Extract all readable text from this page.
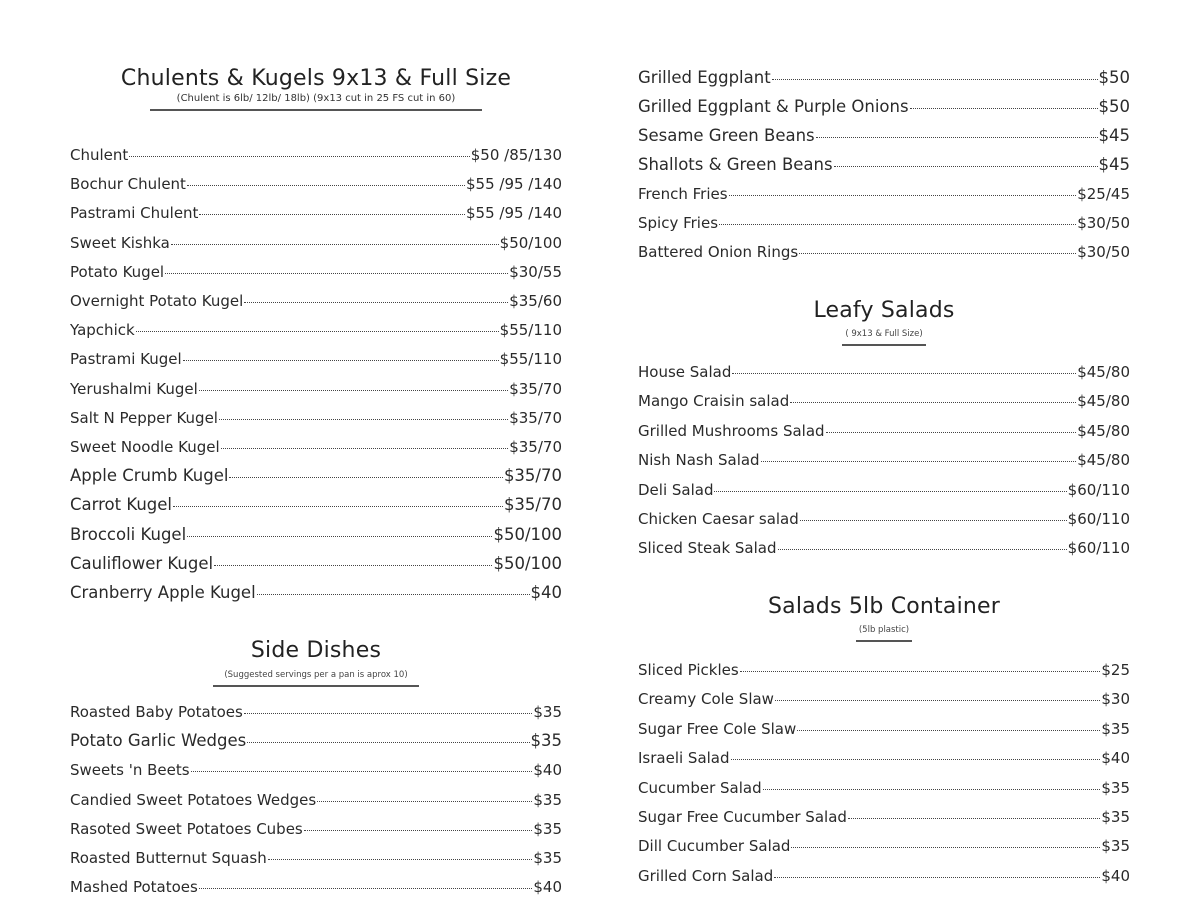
Chulents & Kugels 9x13 & Full Size
(Chulent is 6lb/ 12lb/ 18lb) (9x13 cut in 25 FS cut in 60)
Chulent	$50 /85/130
Bochur Chulent	$55 /95 /140
Pastrami Chulent	$55 /95 /140
Sweet Kishka	$50/100
Potato Kugel	$30/55
Overnight Potato Kugel	$35/60
Yapchick	$55/110
Pastrami Kugel	$55/110
Yerushalmi Kugel	$35/70
Salt N Pepper Kugel	$35/70
Sweet Noodle Kugel	$35/70
Apple Crumb Kugel	$35/70
Carrot Kugel	$35/70
Broccoli Kugel	$50/100
Cauliflower Kugel	$50/100
Cranberry Apple Kugel	$40
Side Dishes
(Suggested servings per a pan is aprox 10)
Roasted Baby Potatoes	$35
Potato Garlic Wedges	$35
Sweets 'n Beets	$40
Candied Sweet Potatoes Wedges	$35
Rasoted Sweet Potatoes Cubes	$35
Roasted Butternut Squash	$35
Mashed Potatoes	$40
Grilled Eggplant	$50
Grilled Eggplant & Purple Onions	$50
Sesame Green Beans	$45
Shallots & Green Beans	$45
French Fries	$25/45
Spicy Fries	$30/50
Battered Onion Rings	$30/50
Leafy Salads
( 9x13 & Full Size)
House Salad	$45/80
Mango Craisin salad	$45/80
Grilled Mushrooms Salad	$45/80
Nish Nash Salad	$45/80
Deli Salad	$60/110
Chicken Caesar salad	$60/110
Sliced Steak Salad	$60/110
Salads 5lb Container
(5lb plastic)
Sliced Pickles	$25
Creamy Cole Slaw	$30
Sugar Free Cole Slaw	$35
Israeli Salad	$40
Cucumber Salad	$35
Sugar Free Cucumber Salad	$35
Dill Cucumber Salad	$35
Grilled Corn Salad	$40
